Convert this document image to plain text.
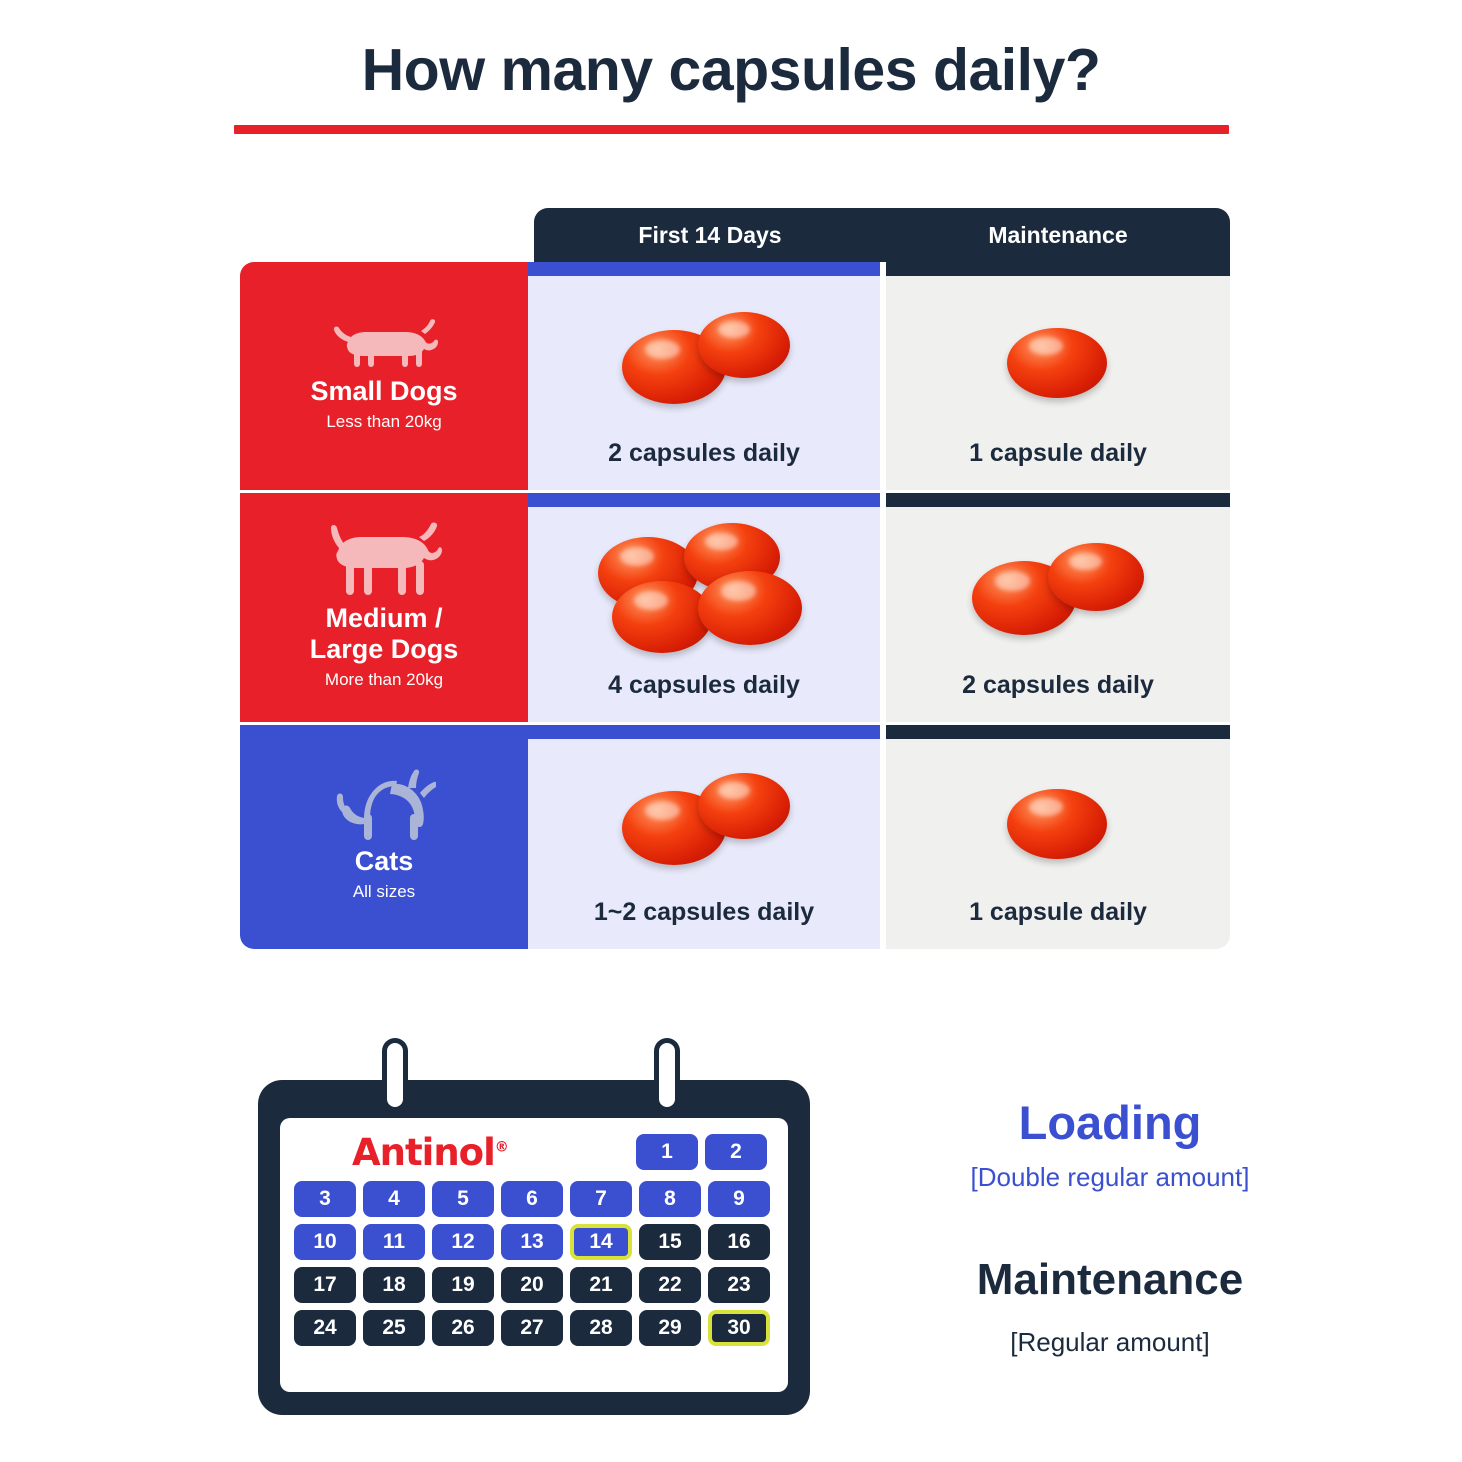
How many capsules daily?
First 14 Days	Maintenance
Small Dogs
Less than 20kg
2 capsules daily	1 capsule daily
Medium /
Large Dogs
More than 20kg	4 capsules daily	2 capsules daily
Cats
All sizes
1~2 capsules daily	1 capsule daily
Antinol®	1	2
3	4	5	6	7	8	9
10	11	12	13	14	15	16
17	18	19	20	21	22	23
24	25	26	27	28	29	30

Loading

[Double regular amount]

Maintenance

[Regular amount]
